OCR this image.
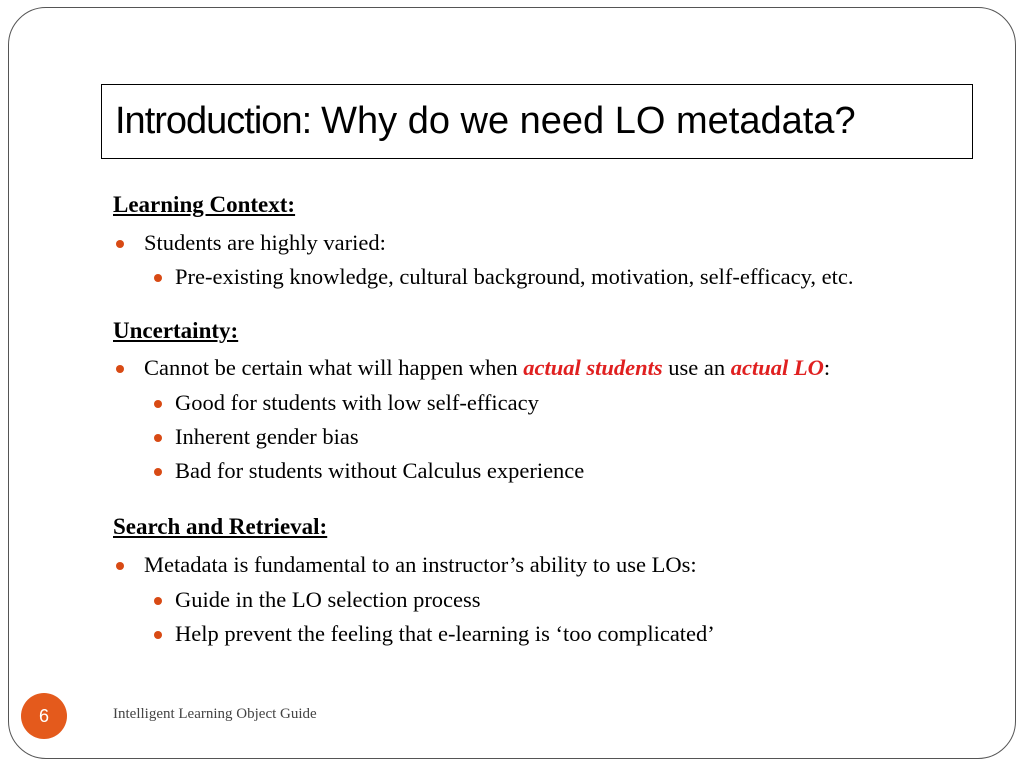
Introduction: Why do we need LO metadata?
Learning Context:
Students are highly varied:
Pre-existing knowledge, cultural background, motivation, self-efficacy, etc.
Uncertainty:
Cannot be certain what will happen when actual students use an actual LO:
Good for students with low self-efficacy
Inherent gender bias
Bad for students without Calculus experience
Search and Retrieval:
Metadata is fundamental to an instructor’s ability to use LOs:
Guide in the LO selection process
Help prevent the feeling that e-learning is ‘too complicated’
6	Intelligent Learning Object Guide
